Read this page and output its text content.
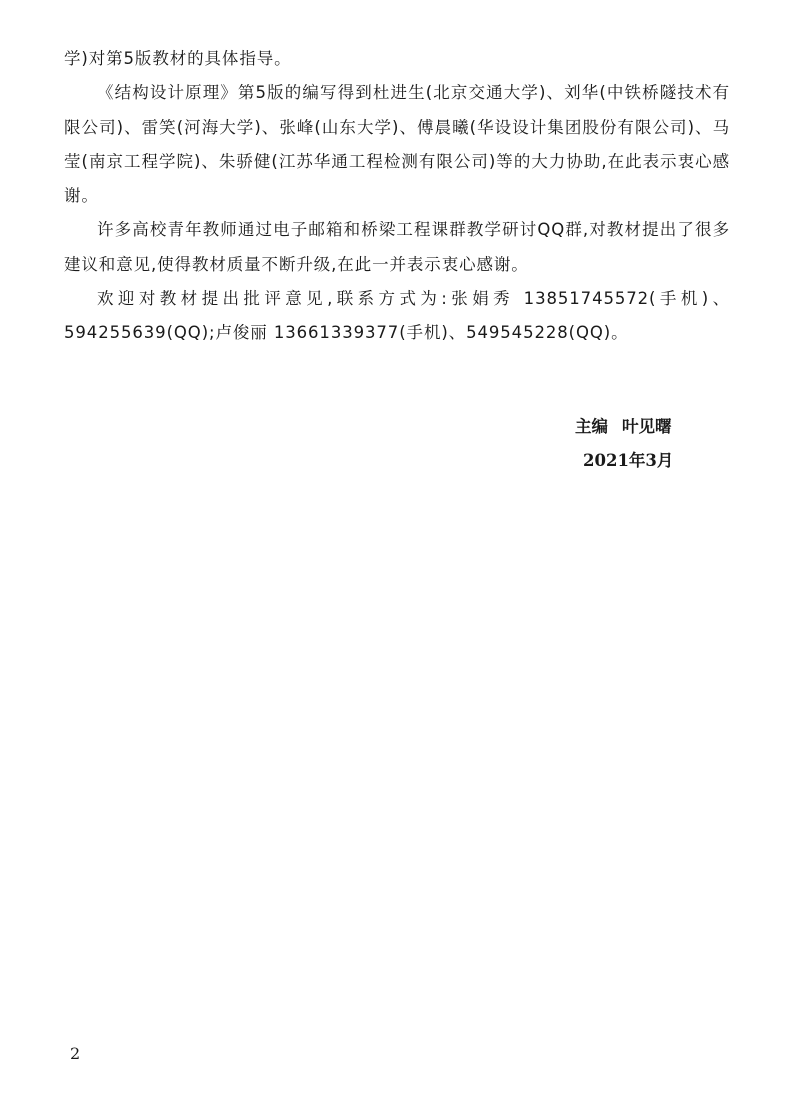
学)对第5版教材的具体指导。

《结构设计原理》第5版的编写得到杜进生(北京交通大学)、刘华(中铁桥隧技术有限公司)、雷笑(河海大学)、张峰(山东大学)、傅晨曦(华设设计集团股份有限公司)、马莹(南京工程学院)、朱骄健(江苏华通工程检测有限公司)等的大力协助,在此表示衷心感谢。

许多高校青年教师通过电子邮箱和桥梁工程课群教学研讨QQ群,对教材提出了很多建议和意见,使得教材质量不断升级,在此一并表示衷心感谢。

欢迎对教材提出批评意见,联系方式为:张娟秀 13851745572(手机)、594255639(QQ);卢俊丽 13661339377(手机)、549545228(QQ)。

主编 叶见曙
2021年3月
2
